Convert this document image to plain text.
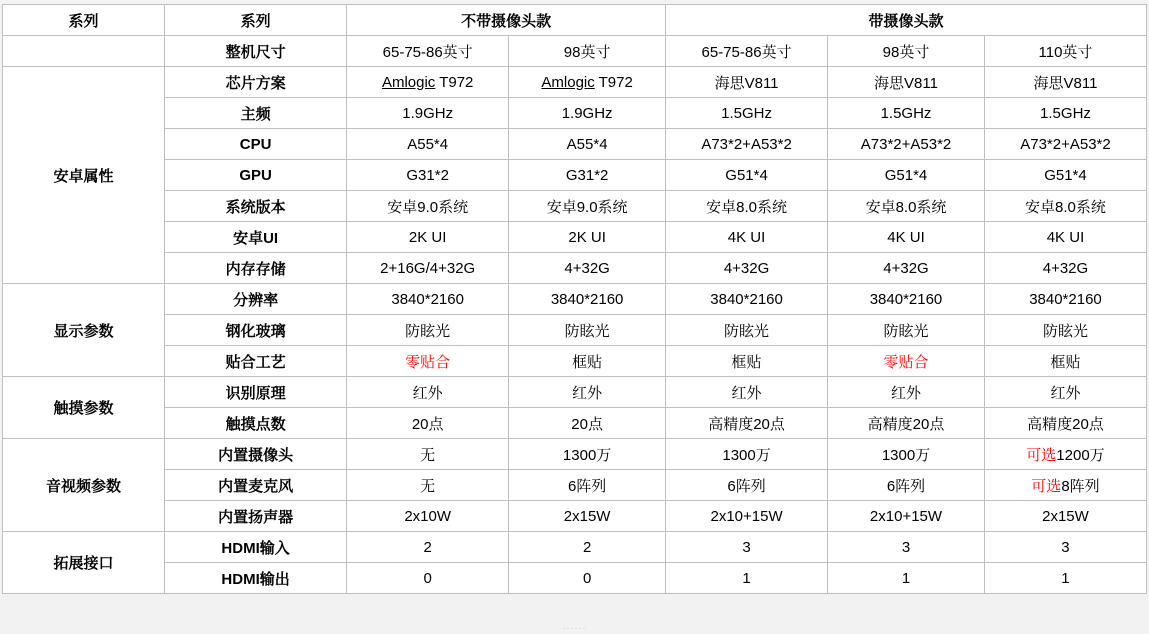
系列	系列	不带摄像头款		带摄像头款		
	整机尺寸	65-75-86英寸	98英寸	65-75-86英寸	98英寸	110英寸
安卓属性	芯片方案	Amlogic T972	Amlogic T972	海思V811	海思V811	海思V811
	主频	1.9GHz	1.9GHz	1.5GHz	1.5GHz	1.5GHz
	CPU	A55*4	A55*4	A73*2+A53*2	A73*2+A53*2	A73*2+A53*2
	GPU	G31*2	G31*2	G51*4	G51*4	G51*4
	系统版本	安卓9.0系统	安卓9.0系统	安卓8.0系统	安卓8.0系统	安卓8.0系统
	安卓UI	2K UI	2K UI	4K UI	4K UI	4K UI
	内存存储	2+16G/4+32G	4+32G	4+32G	4+32G	4+32G
显示参数	分辨率	3840*2160	3840*2160	3840*2160	3840*2160	3840*2160
	钢化玻璃	防眩光	防眩光	防眩光	防眩光	防眩光
	贴合工艺	零贴合	框贴	框贴	零贴合	框贴
触摸参数	识别原理	红外	红外	红外	红外	红外
	触摸点数	20点	20点	高精度20点	高精度20点	高精度20点
音视频参数	内置摄像头	无	1300万	1300万	1300万	可选1200万
	内置麦克风	无	6阵列	6阵列	6阵列	可选8阵列
	内置扬声器	2x10W	2x15W	2x10+15W	2x10+15W	2x15W
拓展接口	HDMI输入	2	2	3	3	3
	HDMI输出	0	0	1	1	1
······
